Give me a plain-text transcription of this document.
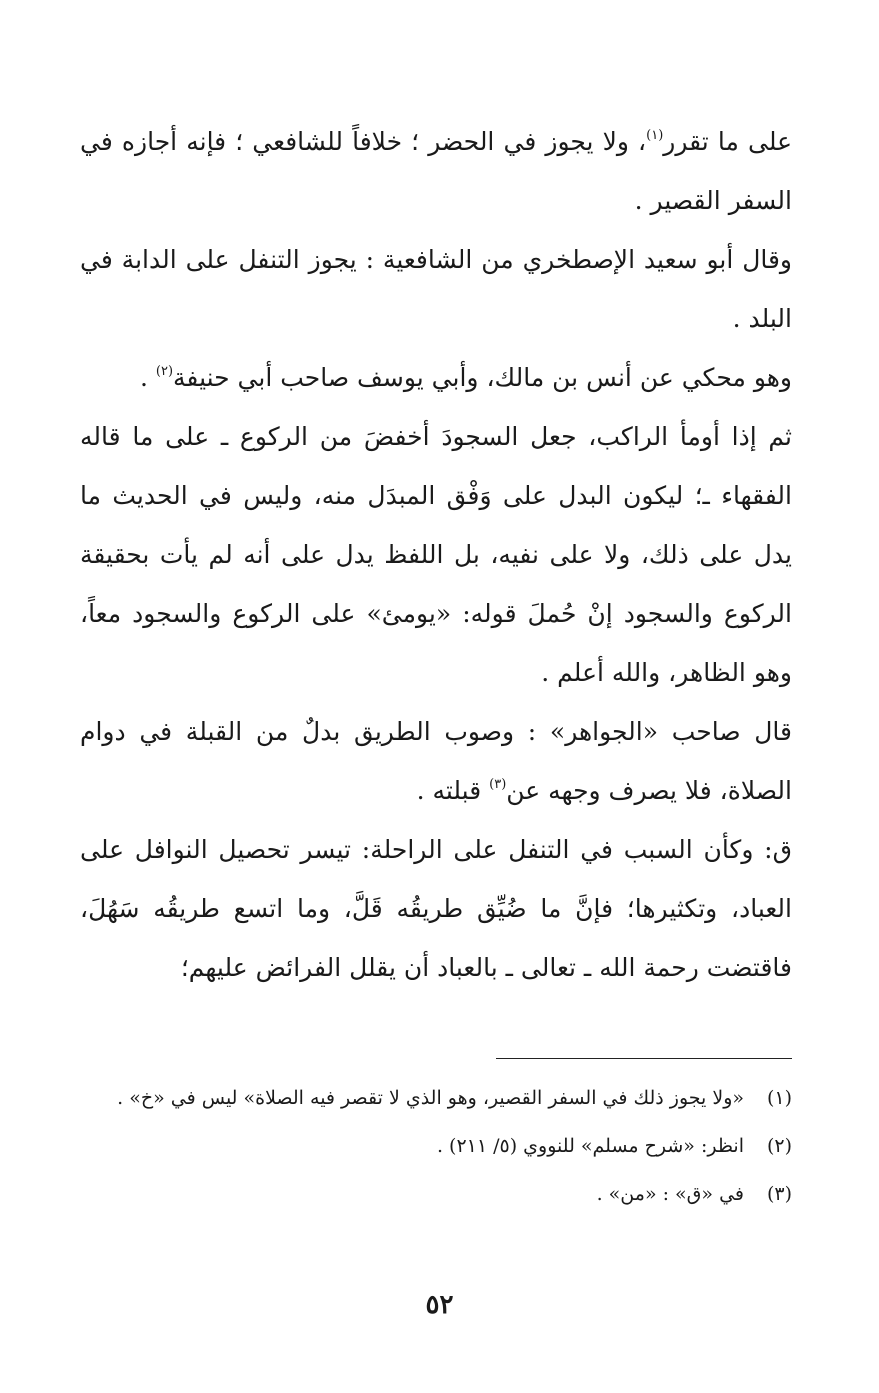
على ما تقرر$^{(١)}$، ولا يجوز في الحضر ؛ خلافاً للشافعي ؛ فإنه أجازه في السفر القصير .

وقال أبو سعيد الإصطخري من الشافعية : يجوز التنفل على الدابة في البلد .

وهو محكي عن أنس بن مالك، وأبي يوسف صاحب أبي حنيفة$^{(٢)}$ .

ثم إذا أومأ الراكب، جعل السجودَ أخفضَ من الركوع ـ على ما قاله الفقهاء ـ؛ ليكون البدل على وَفْق المبدَل منه، وليس في الحديث ما يدل على ذلك، ولا على نفيه، بل اللفظ يدل على أنه لم يأت بحقيقة الركوع والسجود إنْ حُملَ قوله: «يومئ» على الركوع والسجود معاً، وهو الظاهر، والله أعلم .

قال صاحب «الجواهر» : وصوب الطريق بدلٌ من القبلة في دوام الصلاة، فلا يصرف وجهه عن$^{(٣)}$ قبلته .

ق: وكأن السبب في التنفل على الراحلة: تيسر تحصيل النوافل على العباد، وتكثيرها؛ فإنَّ ما ضُيِّق طريقُه قَلَّ، وما اتسع طريقُه سَهُلَ، فاقتضت رحمة الله ـ تعالى ـ بالعباد أن يقلل الفرائض عليهم؛

(١)
«ولا يجوز ذلك في السفر القصير، وهو الذي لا تقصر فيه الصلاة» ليس في «خ» .
(٢)
انظر: «شرح مسلم» للنووي (٥/ ٢١١) .
(٣)
في «ق» : «من» .
٥٢
